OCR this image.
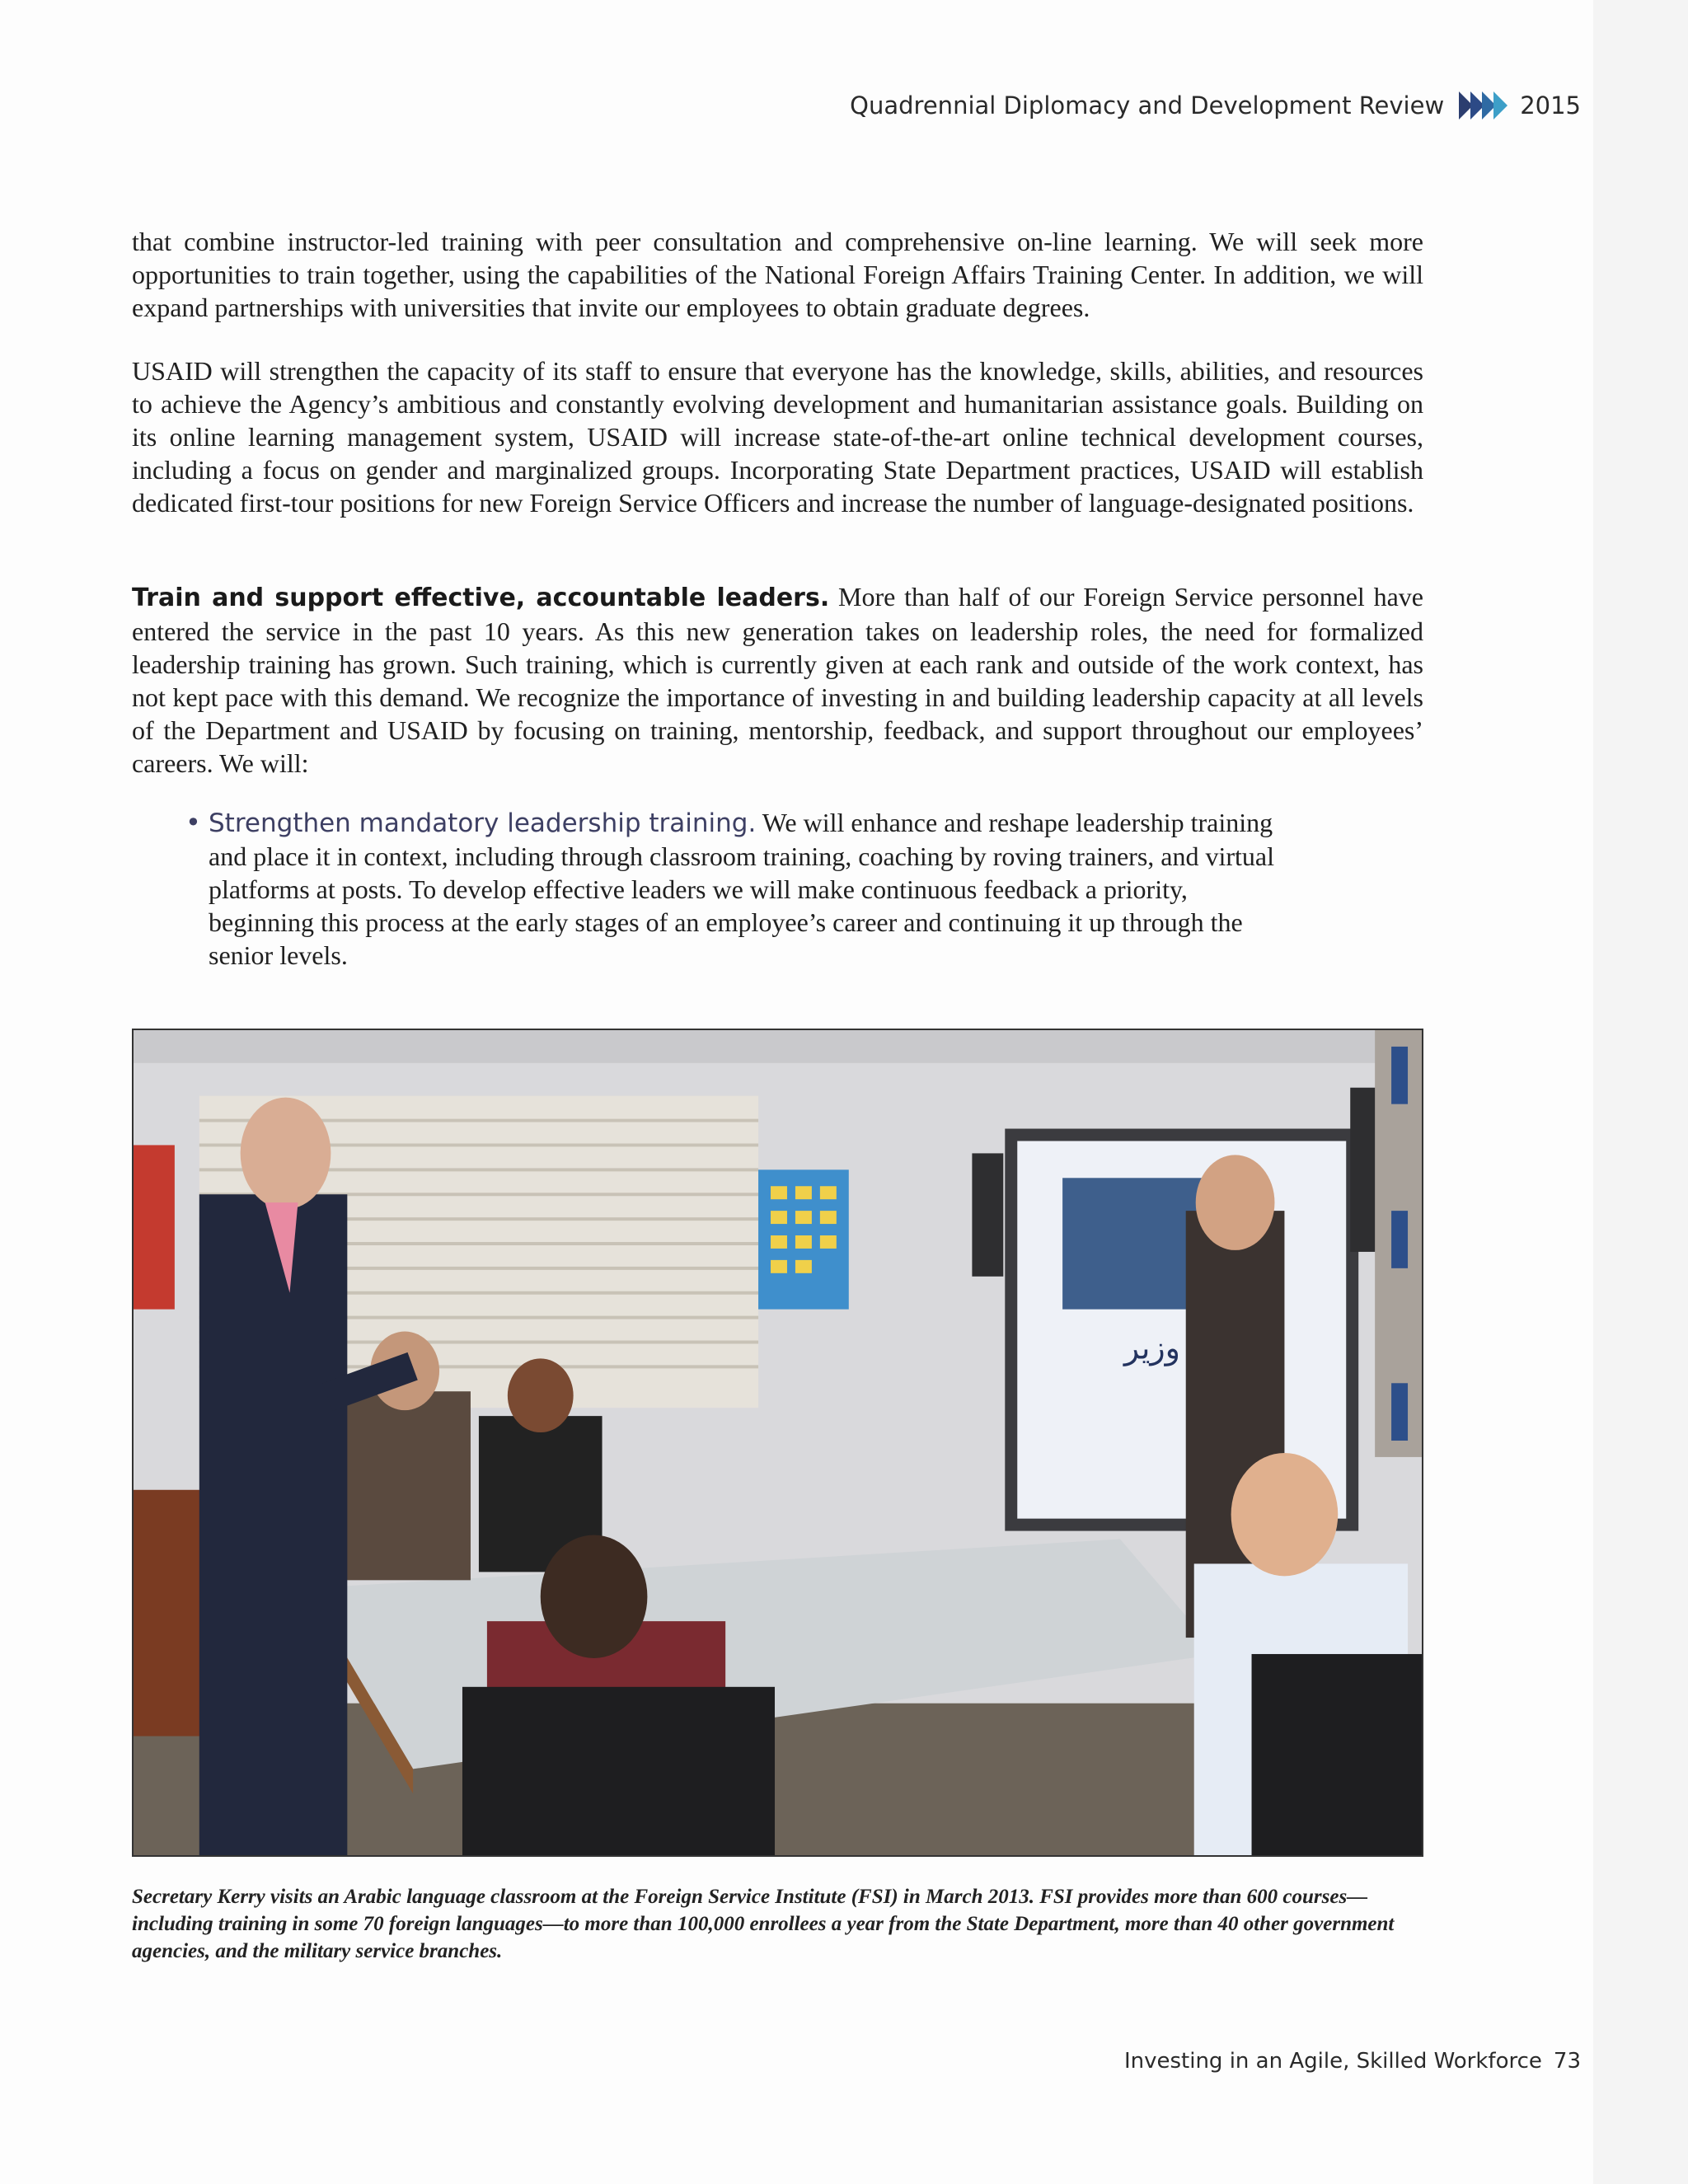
Quadrennial Diplomacy and Development Review	2015

that combine instructor-led training with peer consultation and comprehensive on-line learning. We will seek more opportunities to train together, using the capabilities of the National Foreign Affairs Training Center. In addition, we will expand partnerships with universities that invite our employees to obtain graduate degrees.

USAID will strengthen the capacity of its staff to ensure that everyone has the knowledge, skills, abilities, and resources to achieve the Agency’s ambitious and constantly evolving development and humanitarian assistance goals. Building on its online learning management system, USAID will increase state-of-the-art online technical development courses, including a focus on gender and marginalized groups. Incorporating State Department practices, USAID will establish dedicated first-tour positions for new Foreign Service Officers and increase the number of language-designated positions.

Train and support effective, accountable leaders. More than half of our Foreign Service personnel have entered the service in the past 10 years. As this new generation takes on leadership roles, the need for formalized leadership training has grown. Such training, which is currently given at each rank and outside of the work context, has not kept pace with this demand. We recognize the importance of investing in and building leadership capacity at all levels of the Department and USAID by focusing on training, mentorship, feedback, and support throughout our employees’ careers. We will:

• Strengthen mandatory leadership training. We will enhance and reshape leadership training and place it in context, including through classroom training, coaching by roving trainers, and virtual platforms at posts. To develop effective leaders we will make continuous feedback a priority, beginning this process at the early stages of an employee’s career and continuing it up through the senior levels.
وزير
Secretary Kerry visits an Arabic language classroom at the Foreign Service Institute (FSI) in March 2013. FSI provides more than 600 courses—including training in some 70 foreign languages—to more than 100,000 enrollees a year from the State Department, more than 40 other government agencies, and the military service branches.
Investing in an Agile, Skilled Workforce 73
